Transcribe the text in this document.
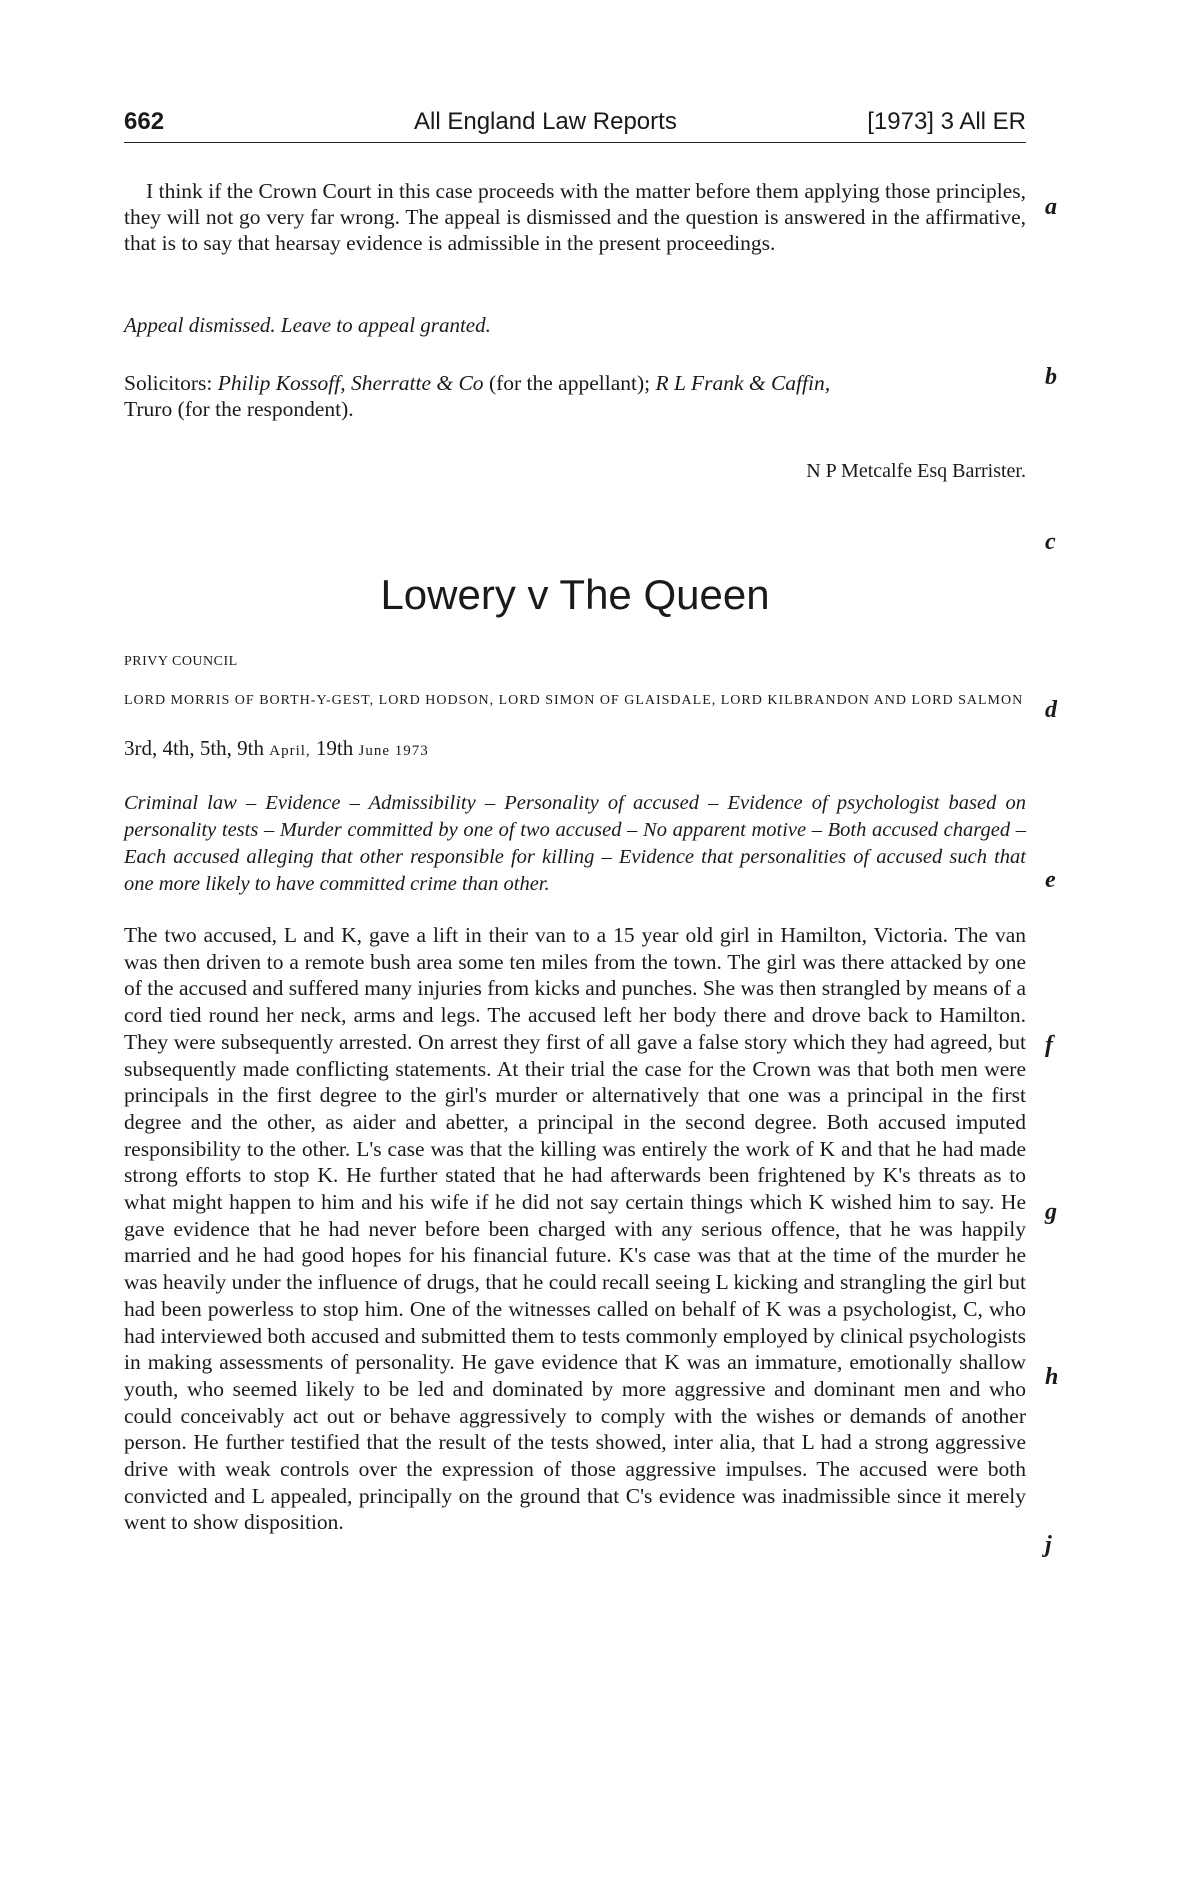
662	All England Law Reports	[1973] 3 All ER

I think if the Crown Court in this case proceeds with the matter before them applying those principles, they will not go very far wrong. The appeal is dismissed and the question is answered in the affirmative, that is to say that hearsay evidence is admissible in the present proceedings.

Appeal dismissed. Leave to appeal granted.

Solicitors: Philip Kossoff, Sherratte & Co (for the appellant); R L Frank & Caffin,
Truro (for the respondent).

N P Metcalfe Esq Barrister.

Lowery v The Queen

PRIVY COUNCIL

LORD MORRIS OF BORTH-Y-GEST, LORD HODSON, LORD SIMON OF GLAISDALE, LORD KILBRANDON AND LORD SALMON

3rd, 4th, 5th, 9th April, 19th June 1973

Criminal law – Evidence – Admissibility – Personality of accused – Evidence of psychologist based on personality tests – Murder committed by one of two accused – No apparent motive – Both accused charged – Each accused alleging that other responsible for killing – Evidence that personalities of accused such that one more likely to have committed crime than other.

The two accused, L and K, gave a lift in their van to a 15 year old girl in Hamilton, Victoria. The van was then driven to a remote bush area some ten miles from the town. The girl was there attacked by one of the accused and suffered many injuries from kicks and punches. She was then strangled by means of a cord tied round her neck, arms and legs. The accused left her body there and drove back to Hamilton. They were subsequently arrested. On arrest they first of all gave a false story which they had agreed, but subsequently made conflicting statements. At their trial the case for the Crown was that both men were principals in the first degree to the girl's murder or alternatively that one was a principal in the first degree and the other, as aider and abetter, a principal in the second degree. Both accused imputed responsibility to the other. L's case was that the killing was entirely the work of K and that he had made strong efforts to stop K. He further stated that he had afterwards been frightened by K's threats as to what might happen to him and his wife if he did not say certain things which K wished him to say. He gave evidence that he had never before been charged with any serious offence, that he was happily married and he had good hopes for his financial future. K's case was that at the time of the murder he was heavily under the influence of drugs, that he could recall seeing L kicking and strangling the girl but had been powerless to stop him. One of the witnesses called on behalf of K was a psychologist, C, who had interviewed both accused and submitted them to tests commonly employed by clinical psychologists in making assessments of personality. He gave evidence that K was an immature, emotionally shallow youth, who seemed likely to be led and dominated by more aggressive and dominant men and who could conceivably act out or behave aggressively to comply with the wishes or demands of another person. He further testified that the result of the tests showed, inter alia, that L had a strong aggressive drive with weak controls over the expression of those aggressive impulses. The accused were both convicted and L appealed, principally on the ground that C's evidence was inadmissible since it merely went to show disposition.

a
b
c
d
e
f
g
h
j
